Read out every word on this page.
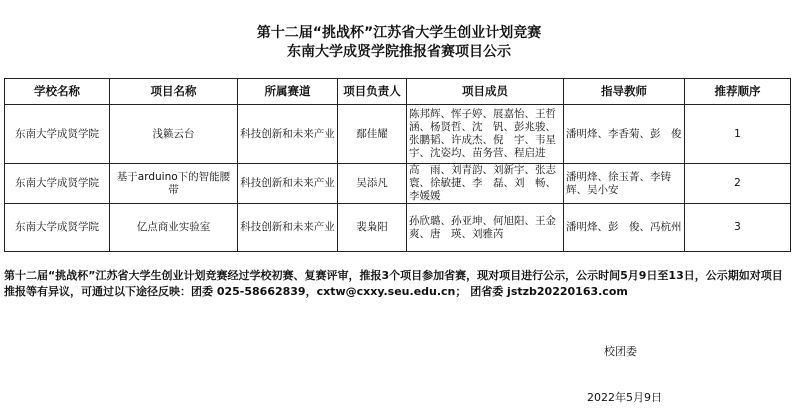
第十二届“挑战杯”江苏省大学生创业计划竞赛
东南大学成贤学院推报省赛项目公示
学校名称	项目名称	所属赛道	项目负责人	项目成员	指导教师	推荐顺序
东南大学成贤学院	浅籁云台	科技创新和未来产业	鄢佳耀	陈邦辉、恽子婷、展嘉怡、王哲涵、杨贤哲、沈　钒、彭兆骏、张鹏韬、许成杰、倪　宇、韦星宇、沈姿均、苗务营、程启进	潘明烽、李香菊、彭　俊	1
东南大学成贤学院	基于arduino下的智能腰带	科技创新和未来产业	吴添凡	高　雨、刘青韵、刘新宇、张志寰、徐敏捷、李　磊、刘　畅、李媛媛	潘明烽、徐玉菁、李铸辉、吴小安	2
东南大学成贤学院	亿点商业实验室	科技创新和未来产业	裴枭阳	孙欣璐、孙亚坤、何旭阳、王金爽、唐　瑛、刘雅芮	潘明烽、彭　俊、冯杭州	3
第十二届“挑战杯”江苏省大学生创业计划竞赛经过学校初赛、复赛评审，推报3个项目参加省赛，现对项目进行公示，公示时间5月9日至13日，公示期如对项目推报等有异议，可通过以下途径反映：团委 025-58662839，cxtw@cxxy.seu.edu.cn； 团省委 jstzb20220163.com
校团委
2022年5月9日
